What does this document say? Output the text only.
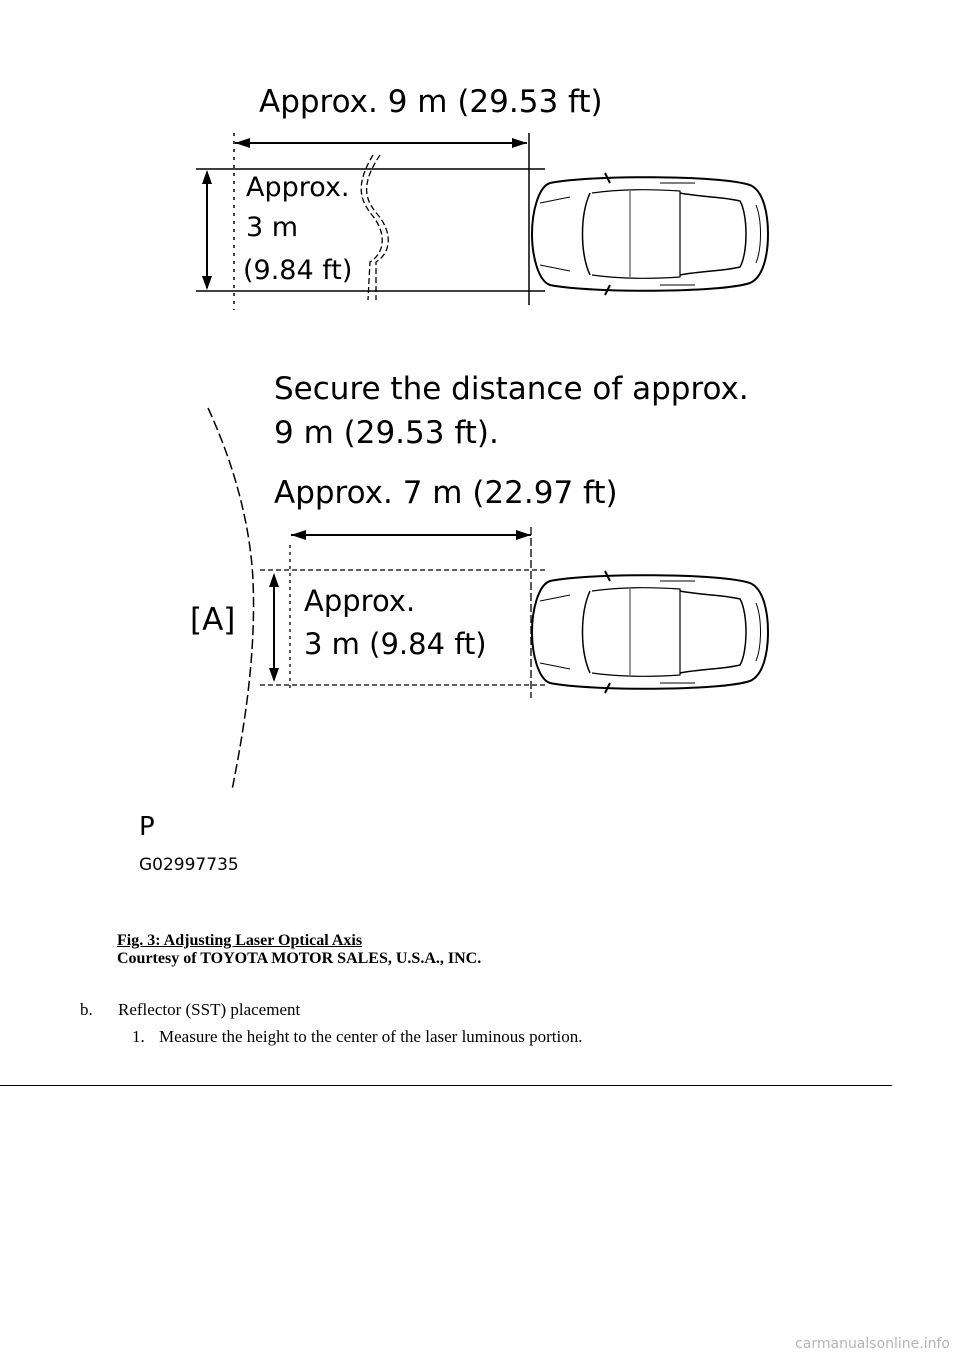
Approx. 9 m (29.53 ft)
Approx.
3 m
(9.84 ft)
Secure the distance of approx.
9 m (29.53 ft).
Approx. 7 m (22.97 ft)
Approx.
3 m (9.84 ft)
[A]
P
G02997735
Fig. 3: Adjusting Laser Optical Axis
Courtesy of TOYOTA MOTOR SALES, U.S.A., INC.
b. Reflector (SST) placement
1. Measure the height to the center of the laser luminous portion.
carmanualsonline.info
